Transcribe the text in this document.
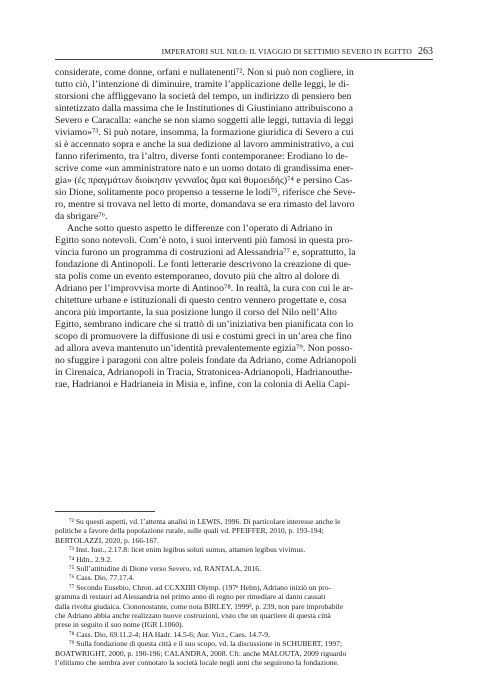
IMPERATORI SUL NILO: IL VIAGGIO DI SETTIMIO SEVERO IN EGITTO 263
considerate, come donne, orfani e nullatenenti⁷². Non si può non cogliere, in
tutto ciò, l’intenzione di diminuire, tramite l’applicazione delle leggi, le di-
storsioni che affliggevano la società del tempo, un indirizzo di pensiero ben
sintetizzato dalla massima che le Institutiones di Giustiniano attribuiscono a
Severo e Caracalla: «anche se non siamo soggetti alle leggi, tuttavia di leggi
viviamo»⁷³. Si può notare, insomma, la formazione giuridica di Severo a cui
si è accennato sopra e anche la sua dedizione al lavoro amministrativo, a cui
fanno riferimento, tra l’altro, diverse fonti contemporanee: Erodiano lo de-
scrive come «un amministratore nato e un uomo dotato di grandissima ener-
gia» (ἐς πραγμάτων διοίκησιν γενναῖος ἅμα καὶ θυμοειδής)⁷⁴ e persino Cas-
sio Dione, solitamente poco propenso a tesserne le lodi⁷⁵, riferisce che Seve-
ro, mentre si trovava nel letto di morte, domandava se era rimasto del lavoro
da sbrigare⁷⁶.
Anche sotto questo aspetto le differenze con l’operato di Adriano in
Egitto sono notevoli. Com’è noto, i suoi interventi più famosi in questa pro-
vincia furono un programma di costruzioni ad Alessandria⁷⁷ e, soprattutto, la
fondazione di Antinopoli. Le fonti letterarie descrivono la creazione di que-
sta polis come un evento estemporaneo, dovuto più che altro al dolore di
Adriano per l’improvvisa morte di Antinoo⁷⁸. In realtà, la cura con cui le ar-
chitetture urbane e istituzionali di questo centro vennero progettate e, cosa
ancora più importante, la sua posizione lungo il corso del Nilo nell’Alto
Egitto, sembrano indicare che si trattò di un’iniziativa ben pianificata con lo
scopo di promuovere la diffusione di usi e costumi greci in un’area che fino
ad allora aveva mantenuto un’identità prevalentemente egizia⁷⁹. Non posso-
no sfuggire i paragoni con altre poleis fondate da Adriano, come Adrianopoli
in Cirenaica, Adrianopoli in Tracia, Stratonicea-Adrianopoli, Hadrianouthe-
rae, Hadrianoi e Hadrianeia in Misia e, infine, con la colonia di Aelia Capi-
⁷² Su questi aspetti, vd. l’attenta analisi in LEWIS, 1996. Di particolare interesse anche le
politiche a favore della popolazione rurale, sulle quali vd. PFEIFFER, 2010, p. 193-194;
BERTOLAZZI, 2020, p. 166-167.
⁷³ Inst. Iust., 2.17.8: licet enim legibus soluti sumus, attamen legibus vivimus.
⁷⁴ Hdn., 2.9.2.
⁷⁵ Sull’attitudine di Dione verso Severo, vd. RANTALA, 2016.
⁷⁶ Cass. Dio, 77.17.4.
⁷⁷ Secondo Eusebio, Chron. ad CCXXIIII Olymp. (197ᵉ Helm), Adriano iniziò un pro-
gramma di restauri ad Alessandria nel primo anno di regno per rimediare ai danni causati
dalla rivolta giudaica. Ciononostante, come nota BIRLEY, 1999², p. 239, non pare improbabile
che Adriano abbia anche realizzato nuove costruzioni, visto che un quartiere di questa città
prese in seguito il suo nome (IGR I.1060).
⁷⁸ Cass. Dio, 69.11.2-4; HA Hadr. 14.5-6; Aur. Vict., Caes. 14.7-9.
⁷⁹ Sulla fondazione di questa città e il suo scopo, vd. la discussione in SCHUBERT, 1997;
BOATWRIGHT, 2000, p. 190-196; CALANDRA, 2008. Cfr. anche MALOUTA, 2009 riguardo
l’elitismo che sembra aver connotato la società locale negli anni che seguirono la fondazione.
